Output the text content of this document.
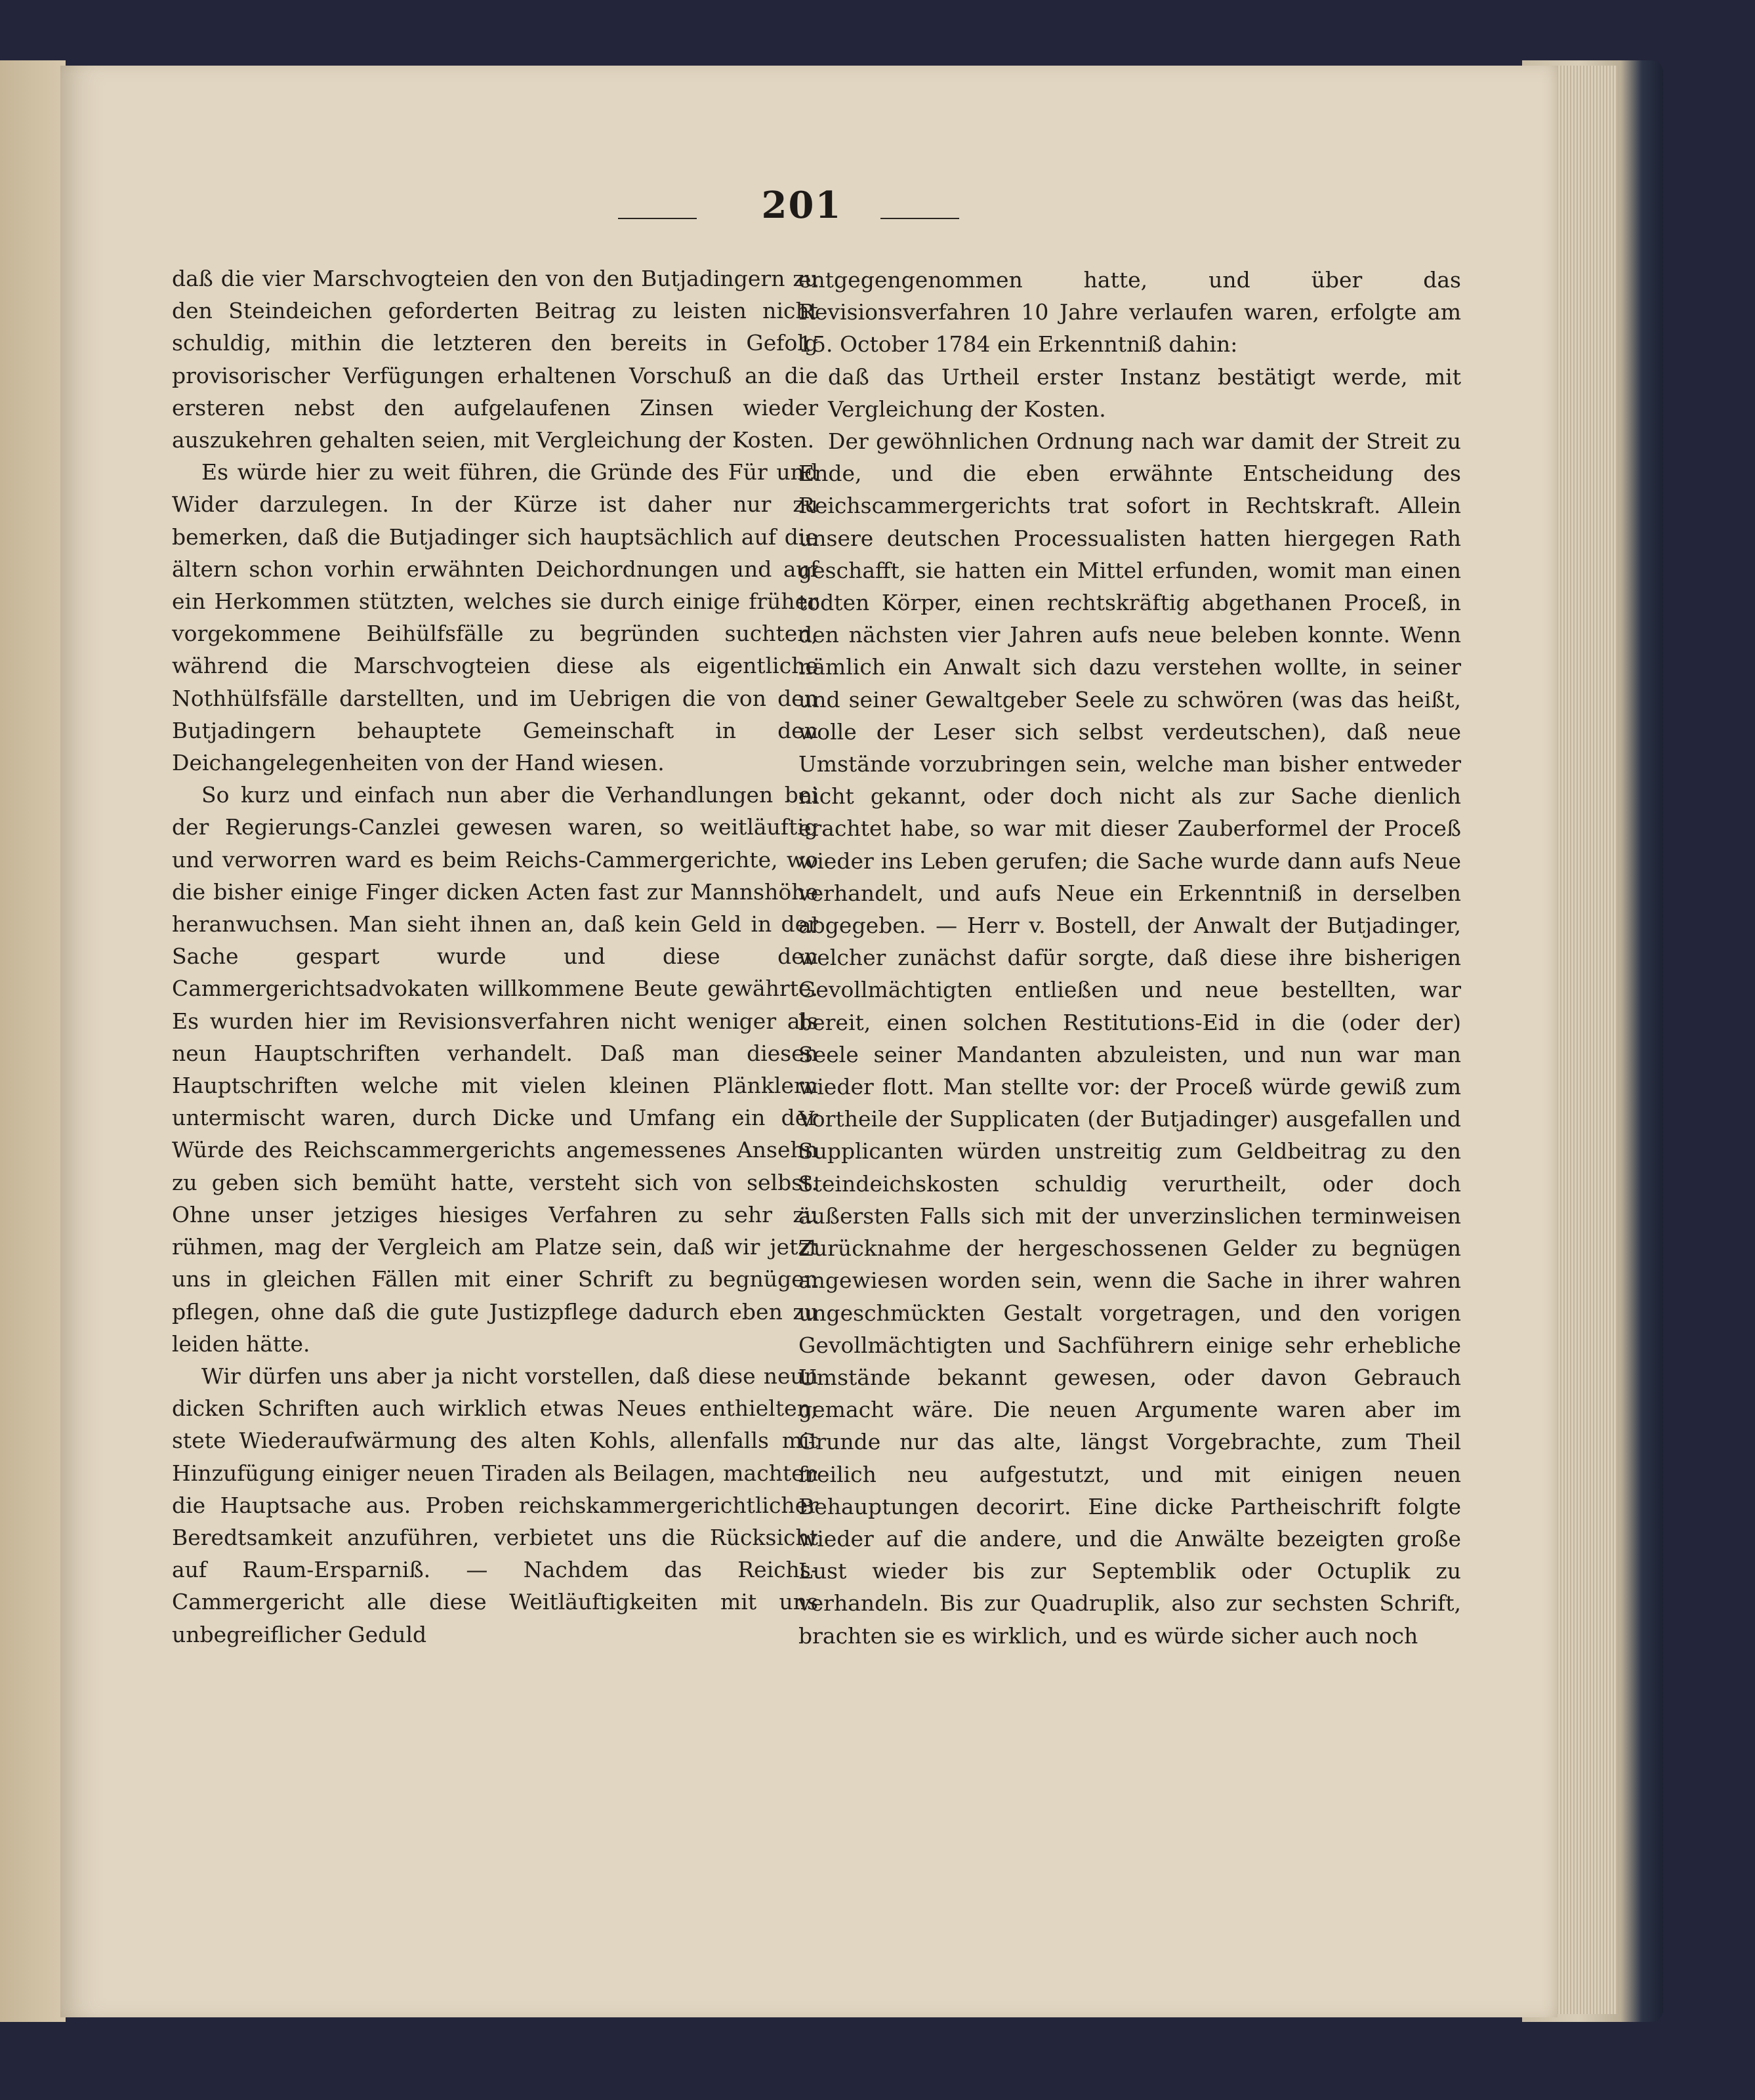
201

daß die vier Marschvogteien den von den Butjadingern zu den Steindeichen geforderten Beitrag zu leisten nicht schuldig, mithin die letzteren den bereits in Gefolg provisorischer Verfügungen erhaltenen Vorschuß an die ersteren nebst den aufgelaufenen Zinsen wieder auszukehren gehalten seien, mit Vergleichung der Kosten.

Es würde hier zu weit führen, die Gründe des Für und Wider darzulegen. In der Kürze ist daher nur zu bemerken, daß die Butjadinger sich hauptsächlich auf die ältern schon vorhin erwähnten Deichordnungen und auf ein Herkommen stützten, welches sie durch einige früher vorgekommene Beihülfsfälle zu begründen suchten, während die Marschvogteien diese als eigentliche Nothhülfsfälle darstellten, und im Uebrigen die von den Butjadingern behauptete Gemeinschaft in den Deichangelegenheiten von der Hand wiesen.

So kurz und einfach nun aber die Verhandlungen bei der Regierungs-Canzlei gewesen waren, so weitläuftig und verworren ward es beim Reichs-Cammergerichte, wo die bisher einige Finger dicken Acten fast zur Mannshöhe heranwuchsen. Man sieht ihnen an, daß kein Geld in der Sache gespart wurde und diese den Cammergerichtsadvokaten willkommene Beute gewährte. Es wurden hier im Revisionsverfahren nicht weniger als neun Hauptschriften verhandelt. Daß man diesen Hauptschriften welche mit vielen kleinen Plänklern untermischt waren, durch Dicke und Umfang ein der Würde des Reichscammergerichts angemessenes Ansehn zu geben sich bemüht hatte, versteht sich von selbst. Ohne unser jetziges hiesiges Verfahren zu sehr zu rühmen, mag der Vergleich am Platze sein, daß wir jetzt uns in gleichen Fällen mit einer Schrift zu begnügen pflegen, ohne daß die gute Justizpflege dadurch eben zu leiden hätte.

Wir dürfen uns aber ja nicht vorstellen, daß diese neun dicken Schriften auch wirklich etwas Neues enthielten; stete Wiederaufwärmung des alten Kohls, allenfalls mit Hinzufügung einiger neuen Tiraden als Beilagen, machten die Hauptsache aus. Proben reichskammergerichtlicher Beredtsamkeit anzuführen, verbietet uns die Rücksicht auf Raum-Ersparniß. — Nachdem das Reichs-Cammergericht alle diese Weitläuftigkeiten mit uns unbegreiflicher Geduld

entgegengenommen hatte, und über das Revisionsverfahren 10 Jahre verlaufen waren, erfolgte am 15. October 1784 ein Erkenntniß dahin:

daß das Urtheil erster Instanz bestätigt werde, mit Vergleichung der Kosten.

Der gewöhnlichen Ordnung nach war damit der Streit zu Ende, und die eben erwähnte Entscheidung des Reichscammergerichts trat sofort in Rechtskraft. Allein unsere deutschen Processualisten hatten hiergegen Rath geschafft, sie hatten ein Mittel erfunden, womit man einen todten Körper, einen rechtskräftig abgethanen Proceß, in den nächsten vier Jahren aufs neue beleben konnte. Wenn nämlich ein Anwalt sich dazu verstehen wollte, in seiner und seiner Gewaltgeber Seele zu schwören (was das heißt, wolle der Leser sich selbst verdeutschen), daß neue Umstände vorzubringen sein, welche man bisher entweder nicht gekannt, oder doch nicht als zur Sache dienlich erachtet habe, so war mit dieser Zauberformel der Proceß wieder ins Leben gerufen; die Sache wurde dann aufs Neue verhandelt, und aufs Neue ein Erkenntniß in derselben abgegeben. — Herr v. Bostell, der Anwalt der Butjadinger, welcher zunächst dafür sorgte, daß diese ihre bisherigen Gevollmächtigten entließen und neue bestellten, war bereit, einen solchen Restitutions-Eid in die (oder der) Seele seiner Mandanten abzuleisten, und nun war man wieder flott. Man stellte vor: der Proceß würde gewiß zum Vortheile der Supplicaten (der Butjadinger) ausgefallen und Supplicanten würden unstreitig zum Geldbeitrag zu den Steindeichskosten schuldig verurtheilt, oder doch äußersten Falls sich mit der unverzinslichen terminweisen Zurücknahme der hergeschossenen Gelder zu begnügen angewiesen worden sein, wenn die Sache in ihrer wahren ungeschmückten Gestalt vorgetragen, und den vorigen Gevollmächtigten und Sachführern einige sehr erhebliche Umstände bekannt gewesen, oder davon Gebrauch gemacht wäre. Die neuen Argumente waren aber im Grunde nur das alte, längst Vorgebrachte, zum Theil freilich neu aufgestutzt, und mit einigen neuen Behauptungen decorirt. Eine dicke Partheischrift folgte wieder auf die andere, und die Anwälte bezeigten große Lust wieder bis zur Septemblik oder Octuplik zu verhandeln. Bis zur Quadruplik, also zur sechsten Schrift, brachten sie es wirklich, und es würde sicher auch noch
